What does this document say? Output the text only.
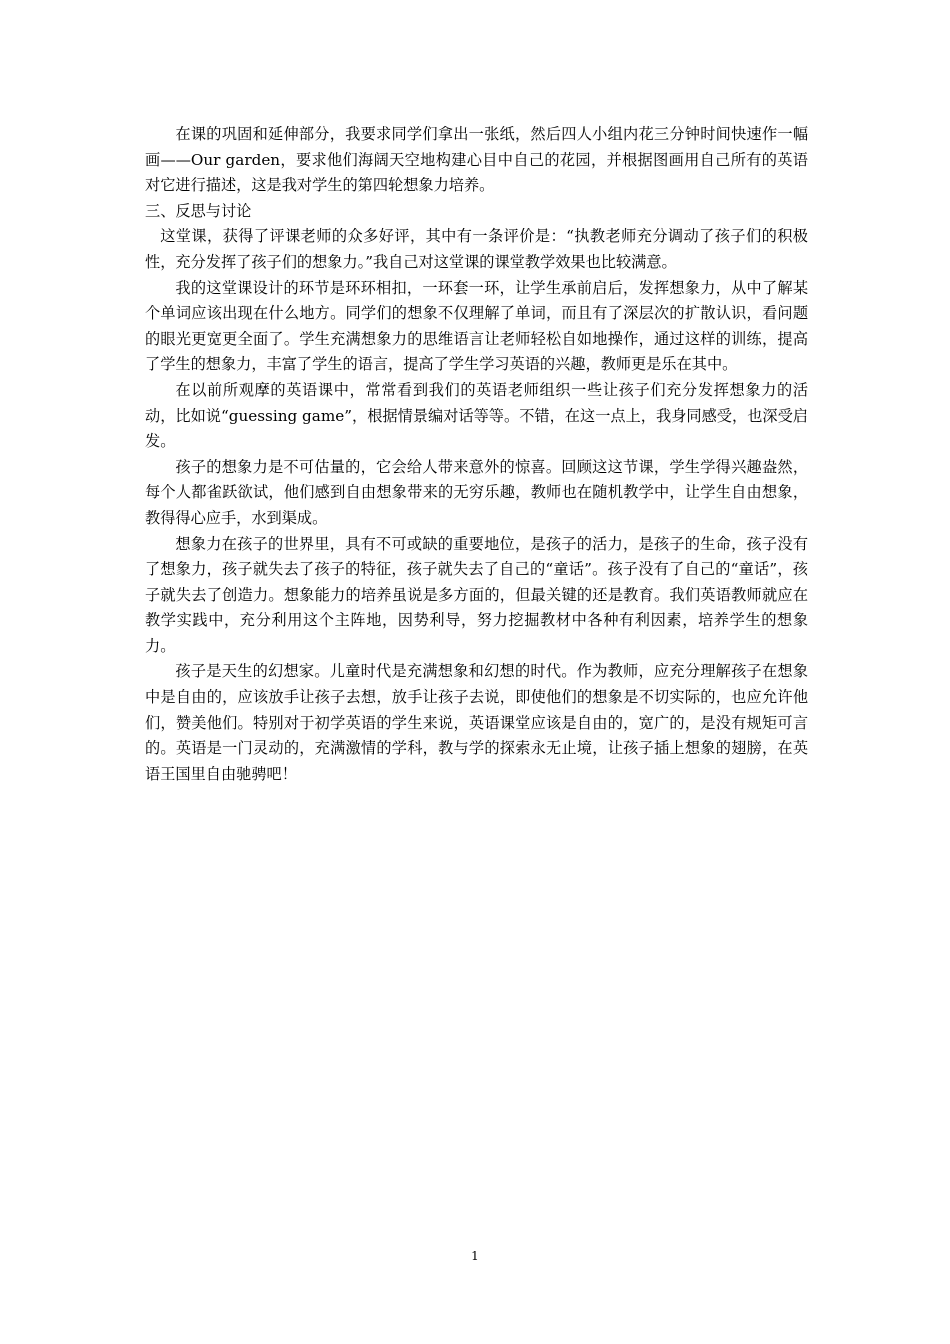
在课的巩固和延伸部分，我要求同学们拿出一张纸，然后四人小组内花三分钟时间快速作一幅画——Our garden，要求他们海阔天空地构建心目中自己的花园，并根据图画用自己所有的英语对它进行描述，这是我对学生的第四轮想象力培养。

三、反思与讨论

这堂课，获得了评课老师的众多好评，其中有一条评价是：“执教老师充分调动了孩子们的积极性，充分发挥了孩子们的想象力。”我自己对这堂课的课堂教学效果也比较满意。

我的这堂课设计的环节是环环相扣，一环套一环，让学生承前启后，发挥想象力，从中了解某个单词应该出现在什么地方。同学们的想象不仅理解了单词，而且有了深层次的扩散认识，看问题的眼光更宽更全面了。学生充满想象力的思维语言让老师轻松自如地操作，通过这样的训练，提高了学生的想象力，丰富了学生的语言，提高了学生学习英语的兴趣，教师更是乐在其中。

在以前所观摩的英语课中，常常看到我们的英语老师组织一些让孩子们充分发挥想象力的活动，比如说“guessing game”，根据情景编对话等等。不错，在这一点上，我身同感受，也深受启发。

孩子的想象力是不可估量的，它会给人带来意外的惊喜。回顾这这节课，学生学得兴趣盎然，每个人都雀跃欲试，他们感到自由想象带来的无穷乐趣，教师也在随机教学中，让学生自由想象，教得得心应手，水到渠成。

想象力在孩子的世界里，具有不可或缺的重要地位，是孩子的活力，是孩子的生命，孩子没有了想象力，孩子就失去了孩子的特征，孩子就失去了自己的“童话”。孩子没有了自己的“童话”，孩子就失去了创造力。想象能力的培养虽说是多方面的，但最关键的还是教育。我们英语教师就应在教学实践中，充分利用这个主阵地，因势利导，努力挖掘教材中各种有利因素，培养学生的想象力。

孩子是天生的幻想家。儿童时代是充满想象和幻想的时代。作为教师，应充分理解孩子在想象中是自由的，应该放手让孩子去想，放手让孩子去说，即使他们的想象是不切实际的，也应允许他们，赞美他们。特别对于初学英语的学生来说，英语课堂应该是自由的，宽广的，是没有规矩可言的。英语是一门灵动的，充满激情的学科，教与学的探索永无止境，让孩子插上想象的翅膀，在英语王国里自由驰骋吧！

1
